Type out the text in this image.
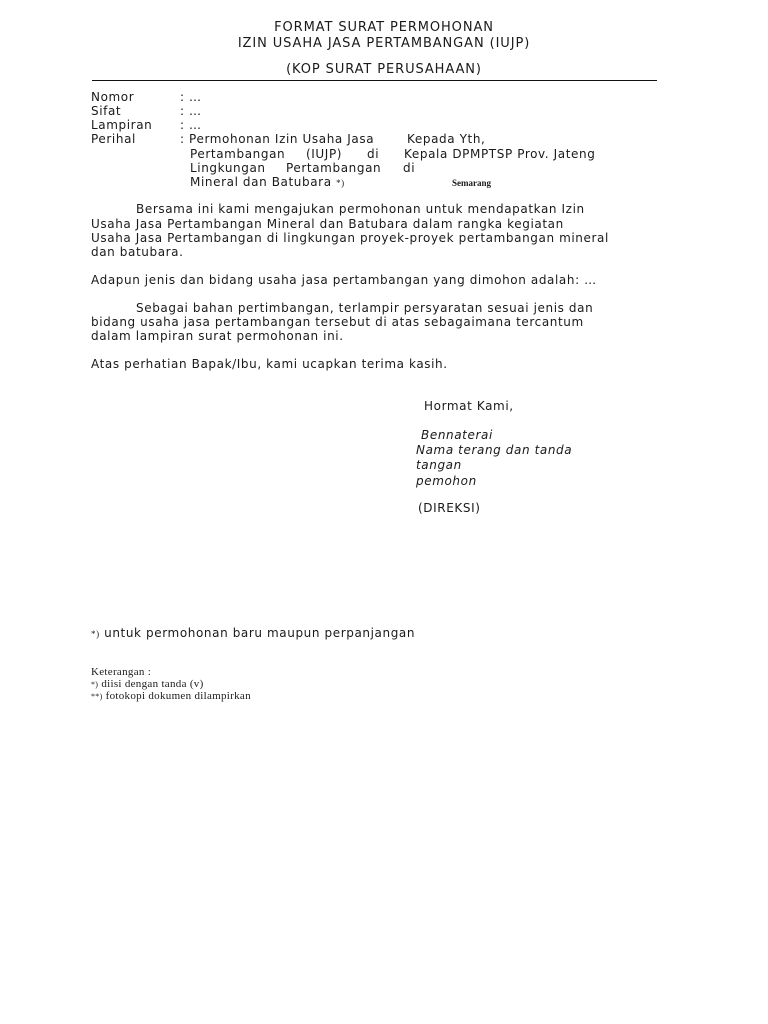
FORMAT SURAT PERMOHONAN
IZIN USAHA JASA PERTAMBANGAN (IUJP)
(KOP SURAT PERUSAHAAN)
Nomor	: …
Sifat	: …
Lampiran : …
Perihal	: Permohonan Izin Usaha Jasa
Pertambangan (IUJP) di
Lingkungan Pertambangan
Mineral dan Batubara *)
Kepada Yth,
Kepala DPMPTSP Prov. Jateng
di
Semarang
Bersama ini kami mengajukan permohonan untuk mendapatkan Izin
Usaha Jasa Pertambangan Mineral dan Batubara dalam rangka kegiatan
Usaha Jasa Pertambangan di lingkungan proyek-proyek pertambangan mineral
dan batubara.
Adapun jenis dan bidang usaha jasa pertambangan yang dimohon adalah: …
Sebagai bahan pertimbangan, terlampir persyaratan sesuai jenis dan
bidang usaha jasa pertambangan tersebut di atas sebagaimana tercantum
dalam lampiran surat permohonan ini.
Atas perhatian Bapak/Ibu, kami ucapkan terima kasih.
Hormat Kami,
Bennaterai
Nama terang dan tanda
tangan
pemohon
(DIREKSI)
*) untuk permohonan baru maupun perpanjangan
Keterangan :
*) diisi dengan tanda (v)
**) fotokopi dokumen dilampirkan
